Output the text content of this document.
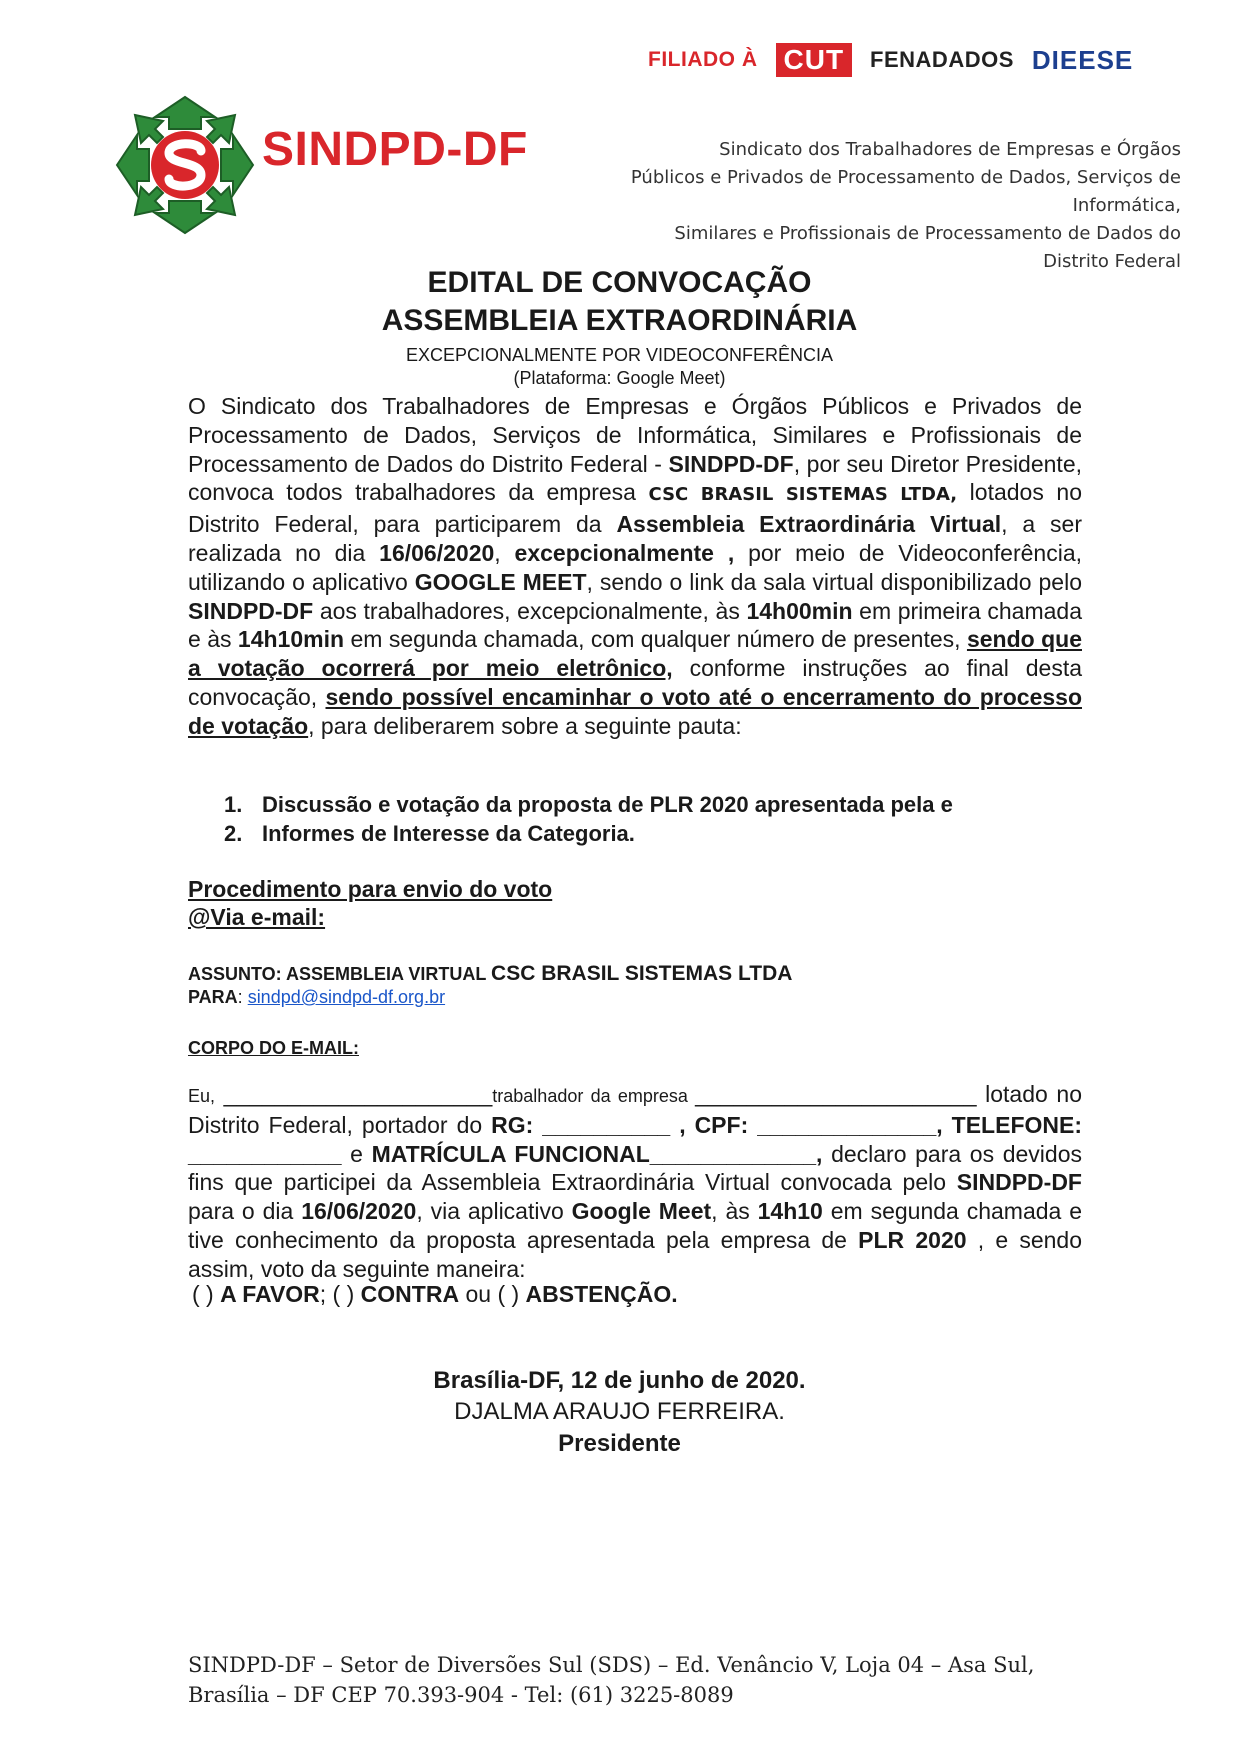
FILIADO À CUT	FENADADOS DIEESE
SINDPD-DF	Sindicato dos Trabalhadores de Empresas e Órgãos
Públicos e Privados de Processamento de Dados, Serviços de Informática,
Similares e Profissionais de Processamento de Dados do Distrito Federal
EDITAL DE CONVOCAÇÃO
ASSEMBLEIA EXTRAORDINÁRIA
EXCEPCIONALMENTE POR VIDEOCONFERÊNCIA
(Plataforma: Google Meet)
O Sindicato dos Trabalhadores de Empresas e Órgãos Públicos e Privados de Processamento de Dados, Serviços de Informática, Similares e Profissionais de Processamento de Dados do Distrito Federal - SINDPD-DF, por seu Diretor Presidente, convoca todos trabalhadores da empresa CSC BRASIL SISTEMAS LTDA, lotados no Distrito Federal, para participarem da Assembleia Extraordinária Virtual, a ser realizada no dia 16/06/2020, excepcionalmente , por meio de Videoconferência, utilizando o aplicativo GOOGLE MEET, sendo o link da sala virtual disponibilizado pelo SINDPD-DF aos trabalhadores, excepcionalmente, às 14h00min em primeira chamada e às 14h10min em segunda chamada, com qualquer número de presentes, sendo que a votação ocorrerá por meio eletrônico, conforme instruções ao final desta convocação, sendo possível encaminhar o voto até o encerramento do processo de votação, para deliberarem sobre a seguinte pauta:
1. Discussão e votação da proposta de PLR 2020 apresentada pela e
2. Informes de Interesse da Categoria.
Procedimento para envio do voto
@Via e-mail:
ASSUNTO: ASSEMBLEIA VIRTUAL CSC BRASIL SISTEMAS LTDA
PARA: sindpd@sindpd-df.org.br
CORPO DO E-MAIL:
Eu, _____________________trabalhador da empresa ______________________ lotado no Distrito Federal, portador do RG: __________ , CPF: ______________, TELEFONE: ____________ e MATRÍCULA FUNCIONAL_____________, declaro para os devidos fins que participei da Assembleia Extraordinária Virtual convocada pelo SINDPD-DF para o dia 16/06/2020, via aplicativo Google Meet, às 14h10 em segunda chamada e tive conhecimento da proposta apresentada pela empresa de PLR 2020 , e sendo assim, voto da seguinte maneira:
( ) A FAVOR; ( ) CONTRA ou ( ) ABSTENÇÃO.
Brasília-DF, 12 de junho de 2020.
DJALMA ARAUJO FERREIRA.
Presidente
SINDPD-DF – Setor de Diversões Sul (SDS) – Ed. Venâncio V, Loja 04 – Asa Sul,
Brasília – DF CEP 70.393-904 - Tel: (61) 3225-8089
